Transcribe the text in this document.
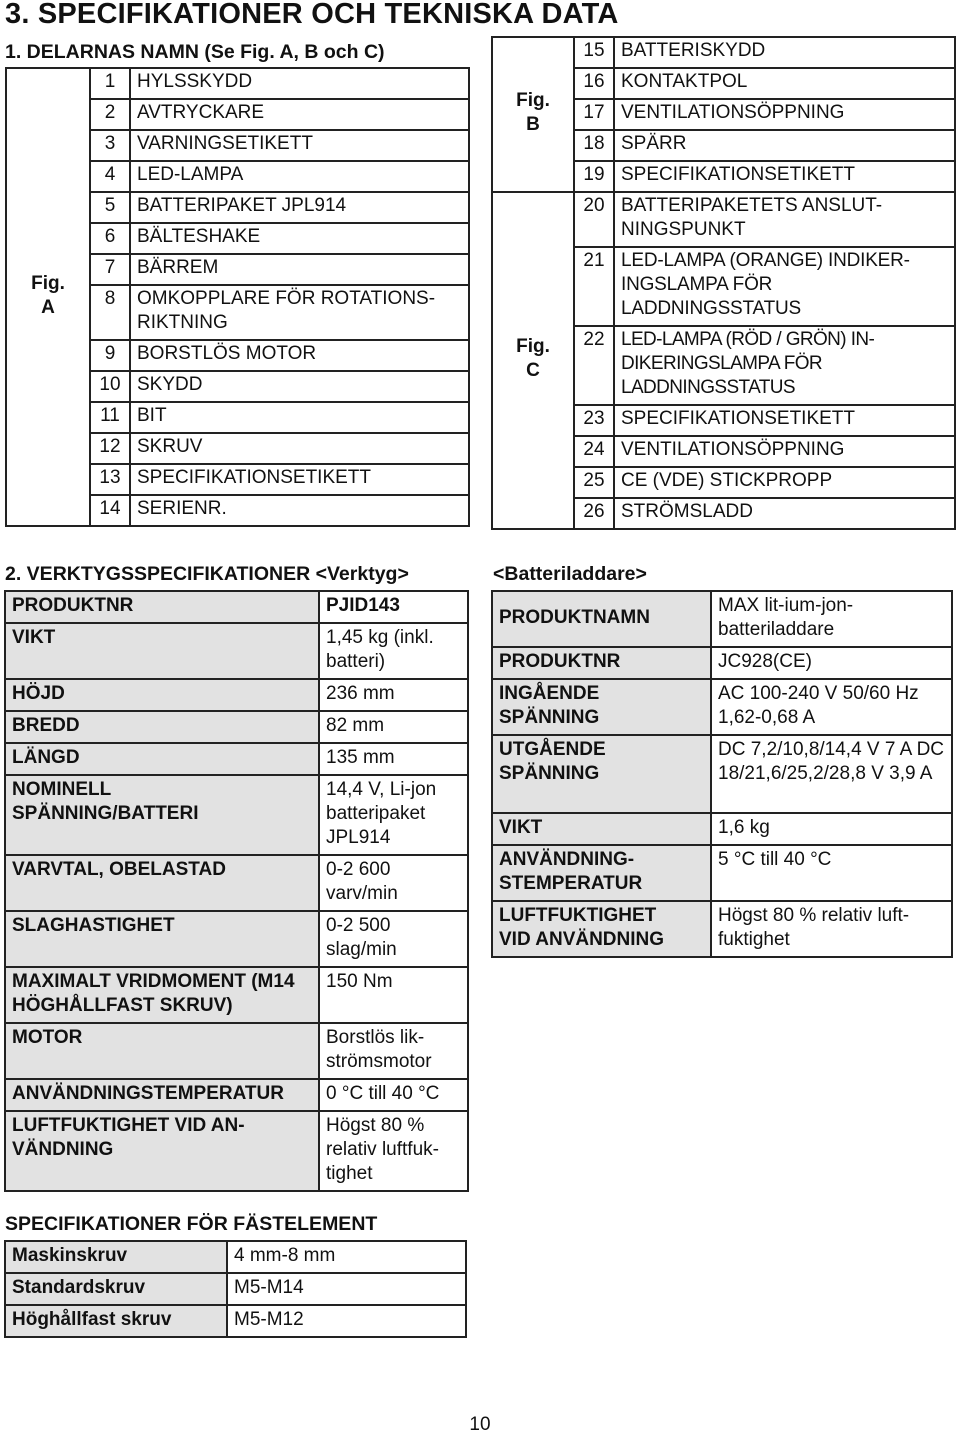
3. SPECIFIKATIONER OCH TEKNISKA DATA
1. DELARNAS NAMN (Se Fig. A, B och C)
	1	HYLSSKYDD
	2	AVTRYCKARE
	3	VARNINGSETIKETT
	4	LED-LAMPA
	5	BATTERIPAKET JPL914
	6	BÄLTESHAKE

Fig. A	7	BÄRREM
	8	OMKOPPLARE FÖR ROTATIONS-RIKTNING
	9	BORSTLÖS MOTOR
	10	SKYDD
	11	BIT
	12	SKRUV
	13	SPECIFIKATIONSETIKETT
	14	SERIENR.
Fig. B	15	BATTERISKYDD
	16	KONTAKTPOL
	17	VENTILATIONSÖPPNING
	18	SPÄRR
	19	SPECIFIKATIONSETIKETT

Fig. C	20	BATTERIPAKETETS ANSLUT-NINGSPUNKT
	21	LED-LAMPA (ORANGE) INDIKER-INGSLAMPA FÖR LADDNINGSSTATUS
	22	LED-LAMPA (RÖD / GRÖN) IN-DIKERINGSLAMPA FÖR LADDNINGSSTATUS
	23	SPECIFIKATIONSETIKETT
	24	VENTILATIONSÖPPNING
	25	CE (VDE) STICKPROPP
	26	STRÖMSLADD
2. VERKTYGSSPECIFIKATIONER <Verktyg>
PRODUKTNR	PJID143
VIKT	1,45 kg (inkl. batteri)
HÖJD	236 mm
BREDD	82 mm
LÄNGD	135 mm
NOMINELL SPÄNNING/BATTERI	14,4 V, Li-jon batteripaket JPL914
VARVTAL, OBELASTAD	0-2 600 varv/min
SLAGHASTIGHET	0-2 500 slag/min
MAXIMALT VRIDMOMENT (M14 HÖGHÅLLFAST SKRUV)	150 Nm
MOTOR	Borstlös lik-strömsmotor
ANVÄNDNINGSTEMPERATUR	0 °C till 40 °C
LUFTFUKTIGHET VID AN-VÄNDNING	Högst 80 % relativ luftfuk-tighet
<Batteriladdare>
PRODUKTNAMN	MAX lit-ium-jon-batteriladdare
PRODUKTNR	JC928(CE)
INGÅENDE SPÄNNING	AC 100-240 V 50/60 Hz 1,62-0,68 A
UTGÅENDE SPÄNNING	DC 7,2/10,8/14,4 V 7 A DC 18/21,6/25,2/28,8 V 3,9 A
VIKT	1,6 kg
ANVÄNDNING-STEMPERATUR	5 °C till 40 °C
LUFTFUKTIGHET VID ANVÄNDNING	Högst 80 % relativ luft-fuktighet
SPECIFIKATIONER FÖR FÄSTELEMENT
Maskinskruv	4 mm-8 mm
Standardskruv	M5-M14
Höghållfast skruv	M5-M12
10
